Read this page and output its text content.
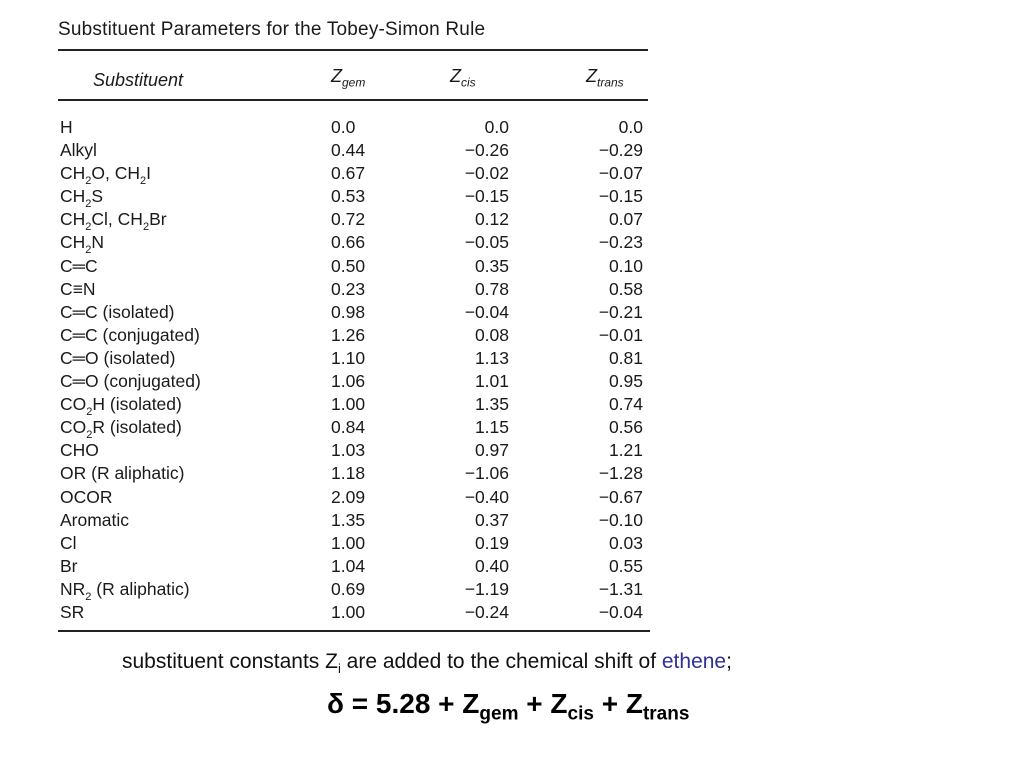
Substituent Parameters for the Tobey-Simon Rule
Substituent	$Z_{gem}$	$Z_{cis}$	$Z_{trans}$
H	0.0	0.0	0.0
Alkyl	0.44	−0.26	−0.29
$CH_2O$, $CH_2I$	0.67	−0.02	−0.07
$CH_2S$	0.53	−0.15	−0.15
$CH_2Cl$, $CH_2Br$	0.72	0.12	0.07
$CH_2N$	0.66	−0.05	−0.23
C═C	0.50	0.35	0.10
C≡N	0.23	0.78	0.58
C═C (isolated)	0.98	−0.04	−0.21
C═C (conjugated)	1.26	0.08	−0.01
C═O (isolated)	1.10	1.13	0.81
C═O (conjugated)	1.06	1.01	0.95
$CO_2H$ (isolated)	1.00	1.35	0.74
$CO_2R$ (isolated)	0.84	1.15	0.56
CHO	1.03	0.97	1.21
OR (R aliphatic)	1.18	−1.06	−1.28
OCOR	2.09	−0.40	−0.67
Aromatic	1.35	0.37	−0.10
Cl	1.00	0.19	0.03
Br	1.04	0.40	0.55
$NR_2$ (R aliphatic)	0.69	−1.19	−1.31
SR	1.00	−0.24	−0.04
substituent constants $Z_i$ are added to the chemical shift of ethene;
$\delta = 5.28 + Z_{gem} + Z_{cis} + Z_{trans}$
